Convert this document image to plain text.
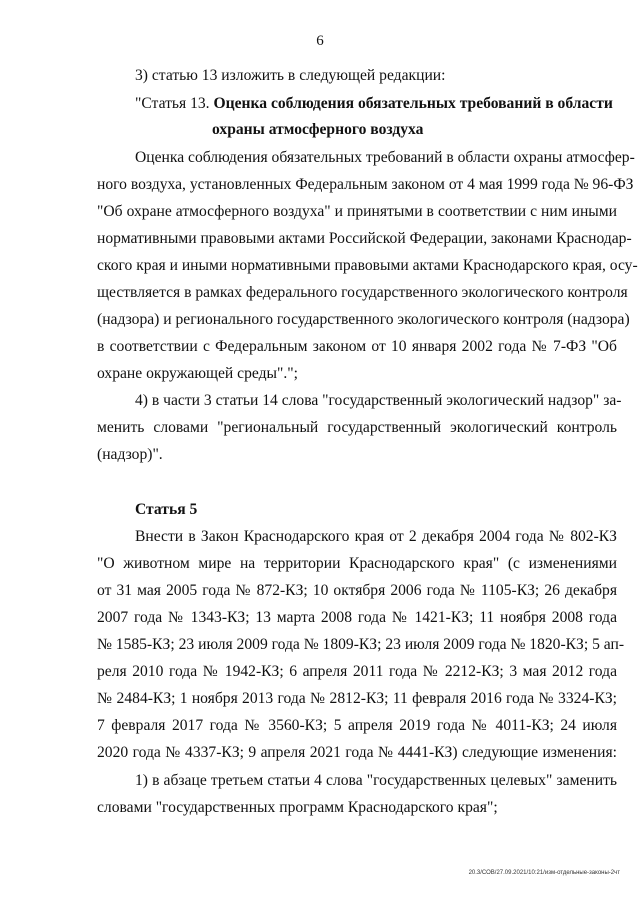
6
3) статью 13 изложить в следующей редакции:
"Статья 13. Оценка соблюдения обязательных требований в области
охраны атмосферного воздуха
Оценка соблюдения обязательных требований в области охраны атмосфер-
ного воздуха, установленных Федеральным законом от 4 мая 1999 года № 96-ФЗ
"Об охране атмосферного воздуха" и принятыми в соответствии с ним иными
нормативными правовыми актами Российской Федерации, законами Краснодар-
ского края и иными нормативными правовыми актами Краснодарского края, осу-
ществляется в рамках федерального государственного экологического контроля
(надзора) и регионального государственного экологического контроля (надзора)
в соответствии с Федеральным законом от 10 января 2002 года № 7-ФЗ "Об
охране окружающей среды".";
4) в части 3 статьи 14 слова "государственный экологический надзор" за-
менить словами "региональный государственный экологический контроль
(надзор)".
Статья 5
Внести в Закон Краснодарского края от 2 декабря 2004 года № 802-КЗ
"О животном мире на территории Краснодарского края" (с изменениями
от 31 мая 2005 года № 872-КЗ; 10 октября 2006 года № 1105-КЗ; 26 декабря
2007 года № 1343-КЗ; 13 марта 2008 года № 1421-КЗ; 11 ноября 2008 года
№ 1585-КЗ; 23 июля 2009 года № 1809-КЗ; 23 июля 2009 года № 1820-КЗ; 5 ап-
реля 2010 года № 1942-КЗ; 6 апреля 2011 года № 2212-КЗ; 3 мая 2012 года
№ 2484-КЗ; 1 ноября 2013 года № 2812-КЗ; 11 февраля 2016 года № 3324-КЗ;
7 февраля 2017 года № 3560-КЗ; 5 апреля 2019 года № 4011-КЗ; 24 июля
2020 года № 4337-КЗ; 9 апреля 2021 года № 4441-КЗ) следующие изменения:
1) в абзаце третьем статьи 4 слова "государственных целевых" заменить
словами "государственных программ Краснодарского края";
20.3/СОВ/27.09.2021/10:21/изм-отдельные-законы-2чт
